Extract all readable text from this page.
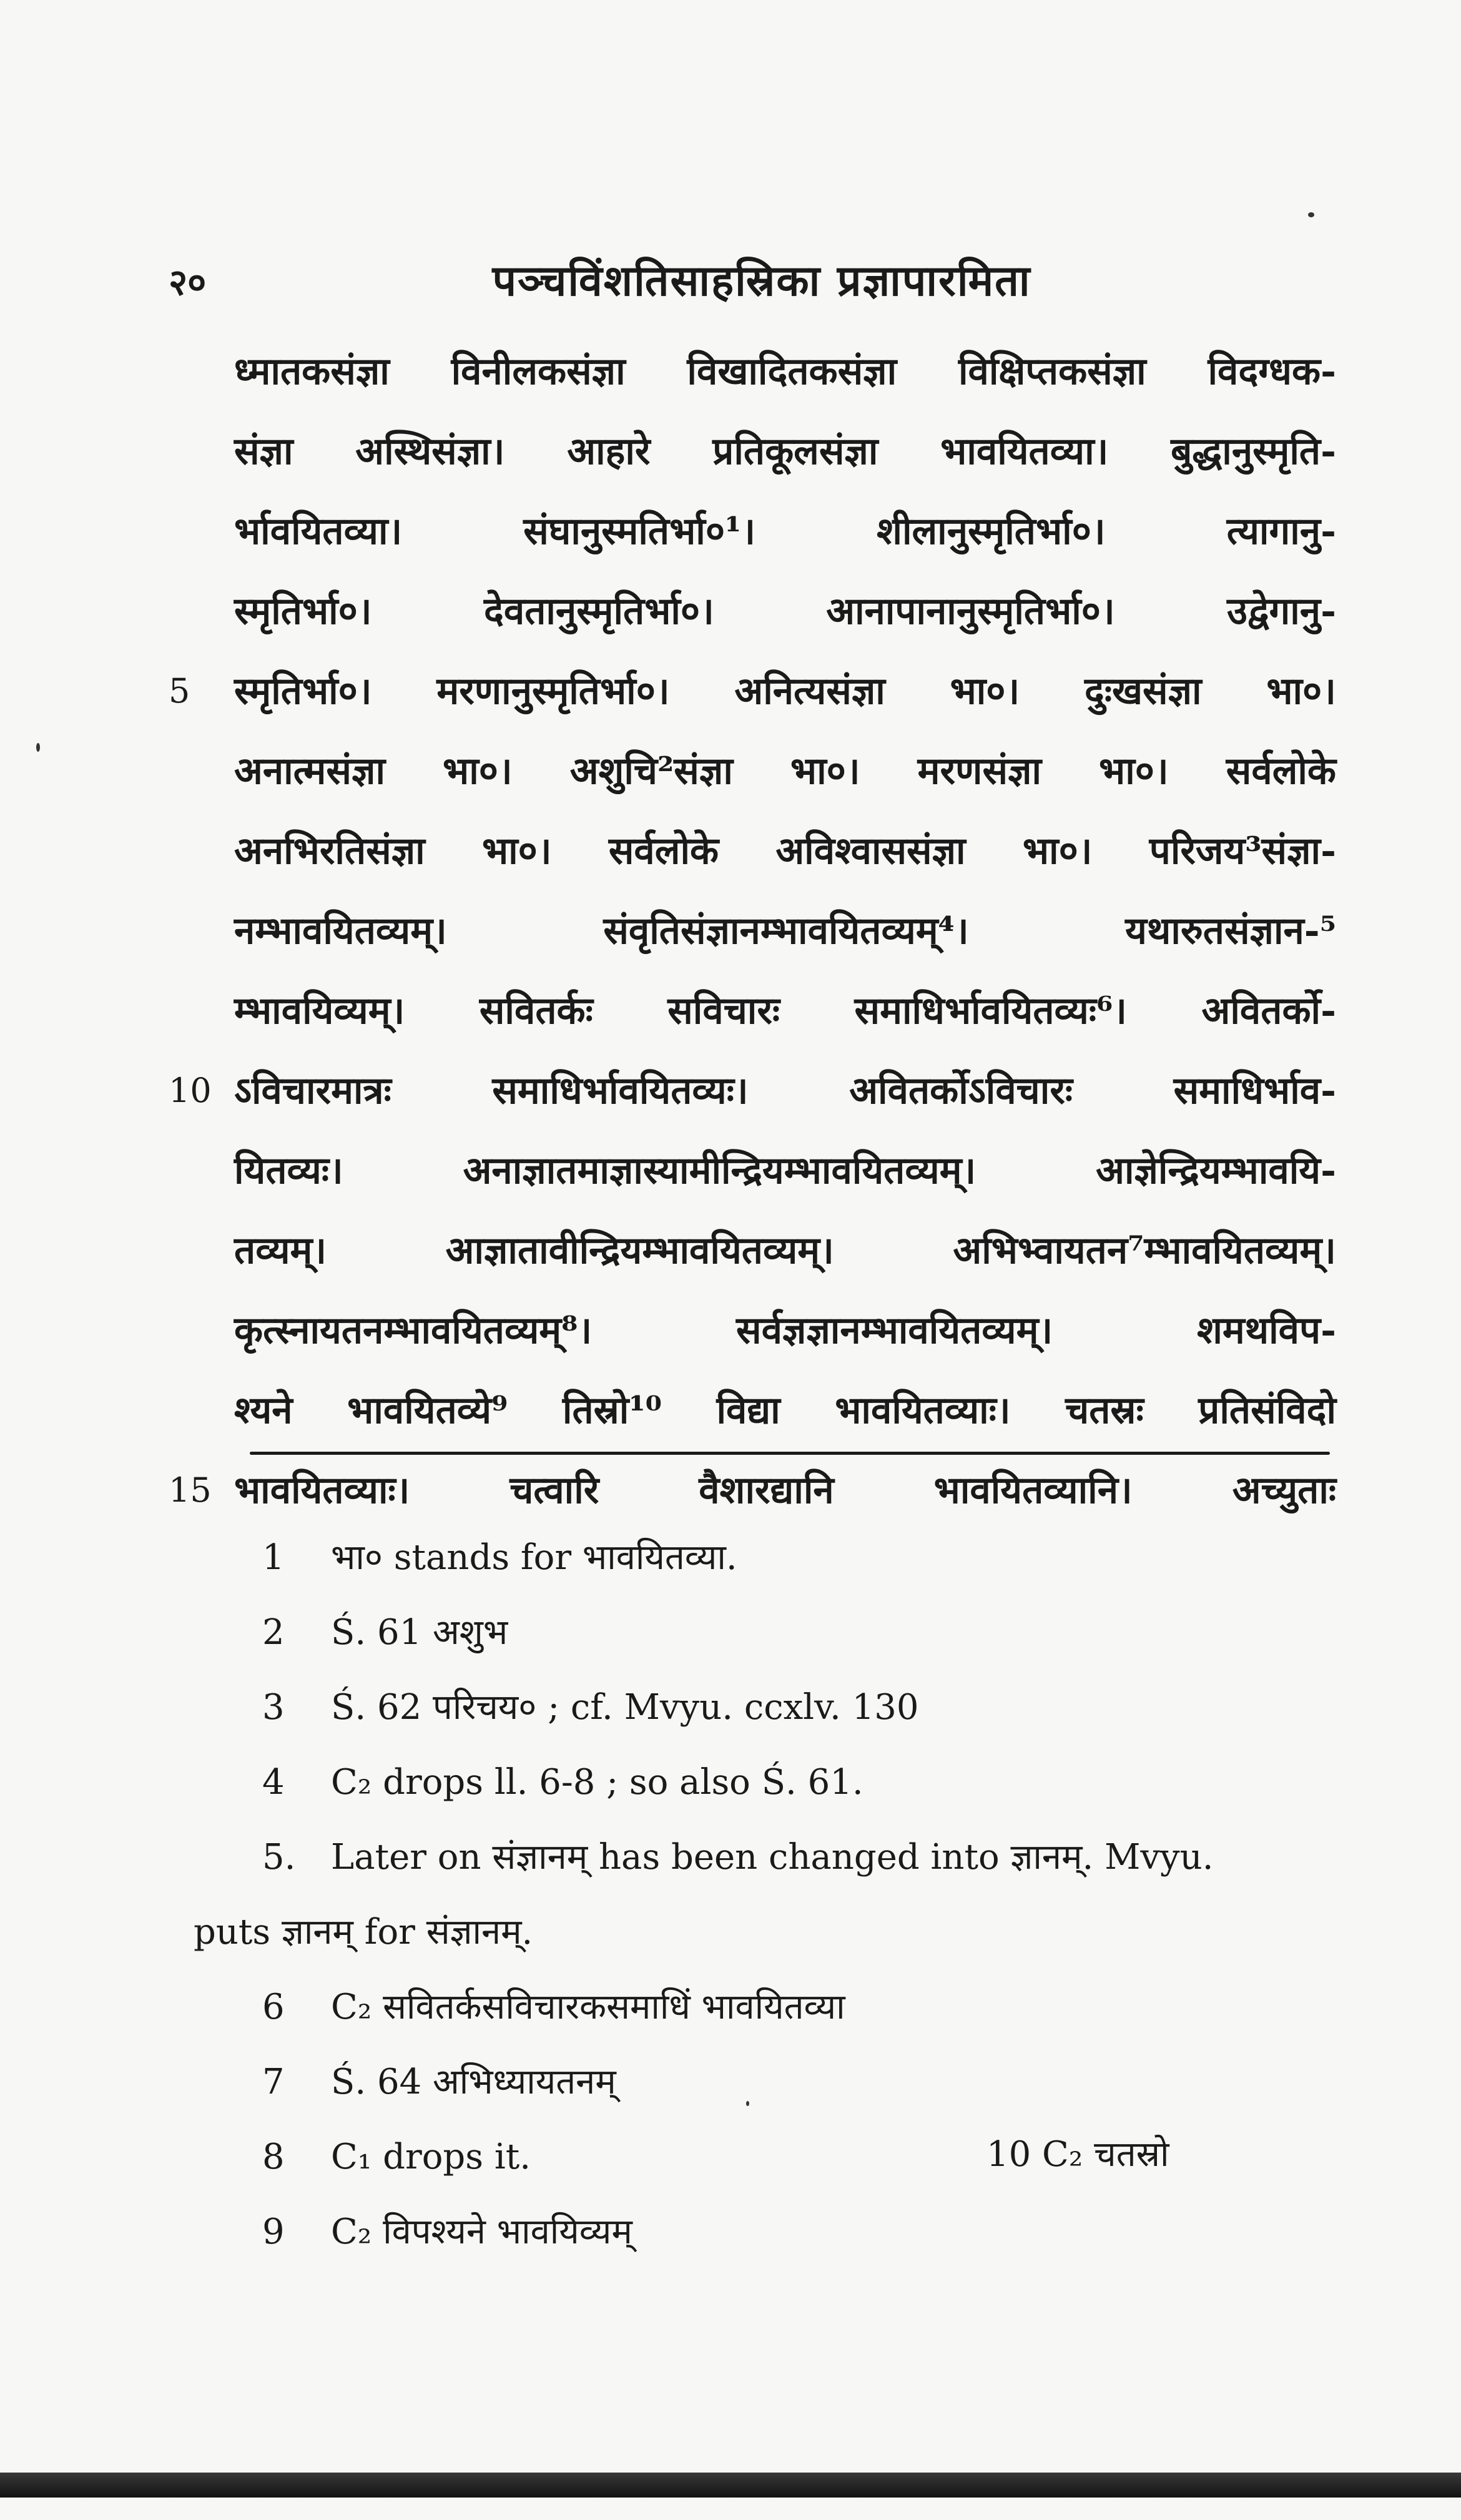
२०	पञ्चविंशतिसाहस्रिका प्रज्ञापारमिता
ध्मातकसंज्ञा विनीलकसंज्ञा विखादितकसंज्ञा विक्षिप्तकसंज्ञा विदग्धक-
संज्ञा अस्थिसंज्ञा। आहारे प्रतिकूलसंज्ञा भावयितव्या। बुद्धानुस्मृति-
र्भावयितव्या। संघानुस्मतिर्भा०¹। शीलानुस्मृतिर्भा०। त्यागानु-
स्मृतिर्भा०। देवतानुस्मृतिर्भा०। आनापानानुस्मृतिर्भा०। उद्वेगानु-
5 स्मृतिर्भा०। मरणानुस्मृतिर्भा०। अनित्यसंज्ञा भा०। दुःखसंज्ञा भा०।
अनात्मसंज्ञा भा०। अशुचि²संज्ञा भा०। मरणसंज्ञा भा०। सर्वलोके
अनभिरतिसंज्ञा भा०। सर्वलोके अविश्वाससंज्ञा भा०। परिजय³संज्ञा-
नम्भावयितव्यम्। संवृतिसंज्ञानम्भावयितव्यम्⁴। यथारुतसंज्ञान-⁵
म्भावयिव्यम्। सवितर्कः सविचारः समाधिर्भावयितव्यः⁶। अवितर्को-
10 ऽविचारमात्रः समाधिर्भावयितव्यः। अवितर्कोऽविचारः समाधिर्भाव-
यितव्यः। अनाज्ञातमाज्ञास्यामीन्द्रियम्भावयितव्यम्। आज्ञेन्द्रियम्भावयि-
तव्यम्। आज्ञातावीन्द्रियम्भावयितव्यम्। अभिभ्वायतन⁷म्भावयितव्यम्।
कृत्स्नायतनम्भावयितव्यम्⁸। सर्वज्ञज्ञानम्भावयितव्यम्। शमथविप-
श्यने भावयितव्ये⁹ तिस्रो¹⁰ विद्या भावयितव्याः। चतस्रः प्रतिसंविदो
15 भावयितव्याः। चत्वारि वैशारद्यानि भावयितव्यानि। अच्युताः
1 भा० stands for भावयितव्या.
2 Ś. 61 अशुभ
3 Ś. 62 परिचय० ; cf. Mvyu. ccxlv. 130
4 C₂ drops ll. 6-8 ; so also Ś. 61.
5. Later on संज्ञानम् has been changed into ज्ञानम्. Mvyu.
puts ज्ञानम् for संज्ञानम्.
6 C₂ सवितर्कसविचारकसमाधिं भावयितव्या
7 Ś. 64 अभिध्यायतनम्
8 C₁ drops it.
9 C₂ विपश्यने भावयिव्यम्
10 C₂ चतस्रो
